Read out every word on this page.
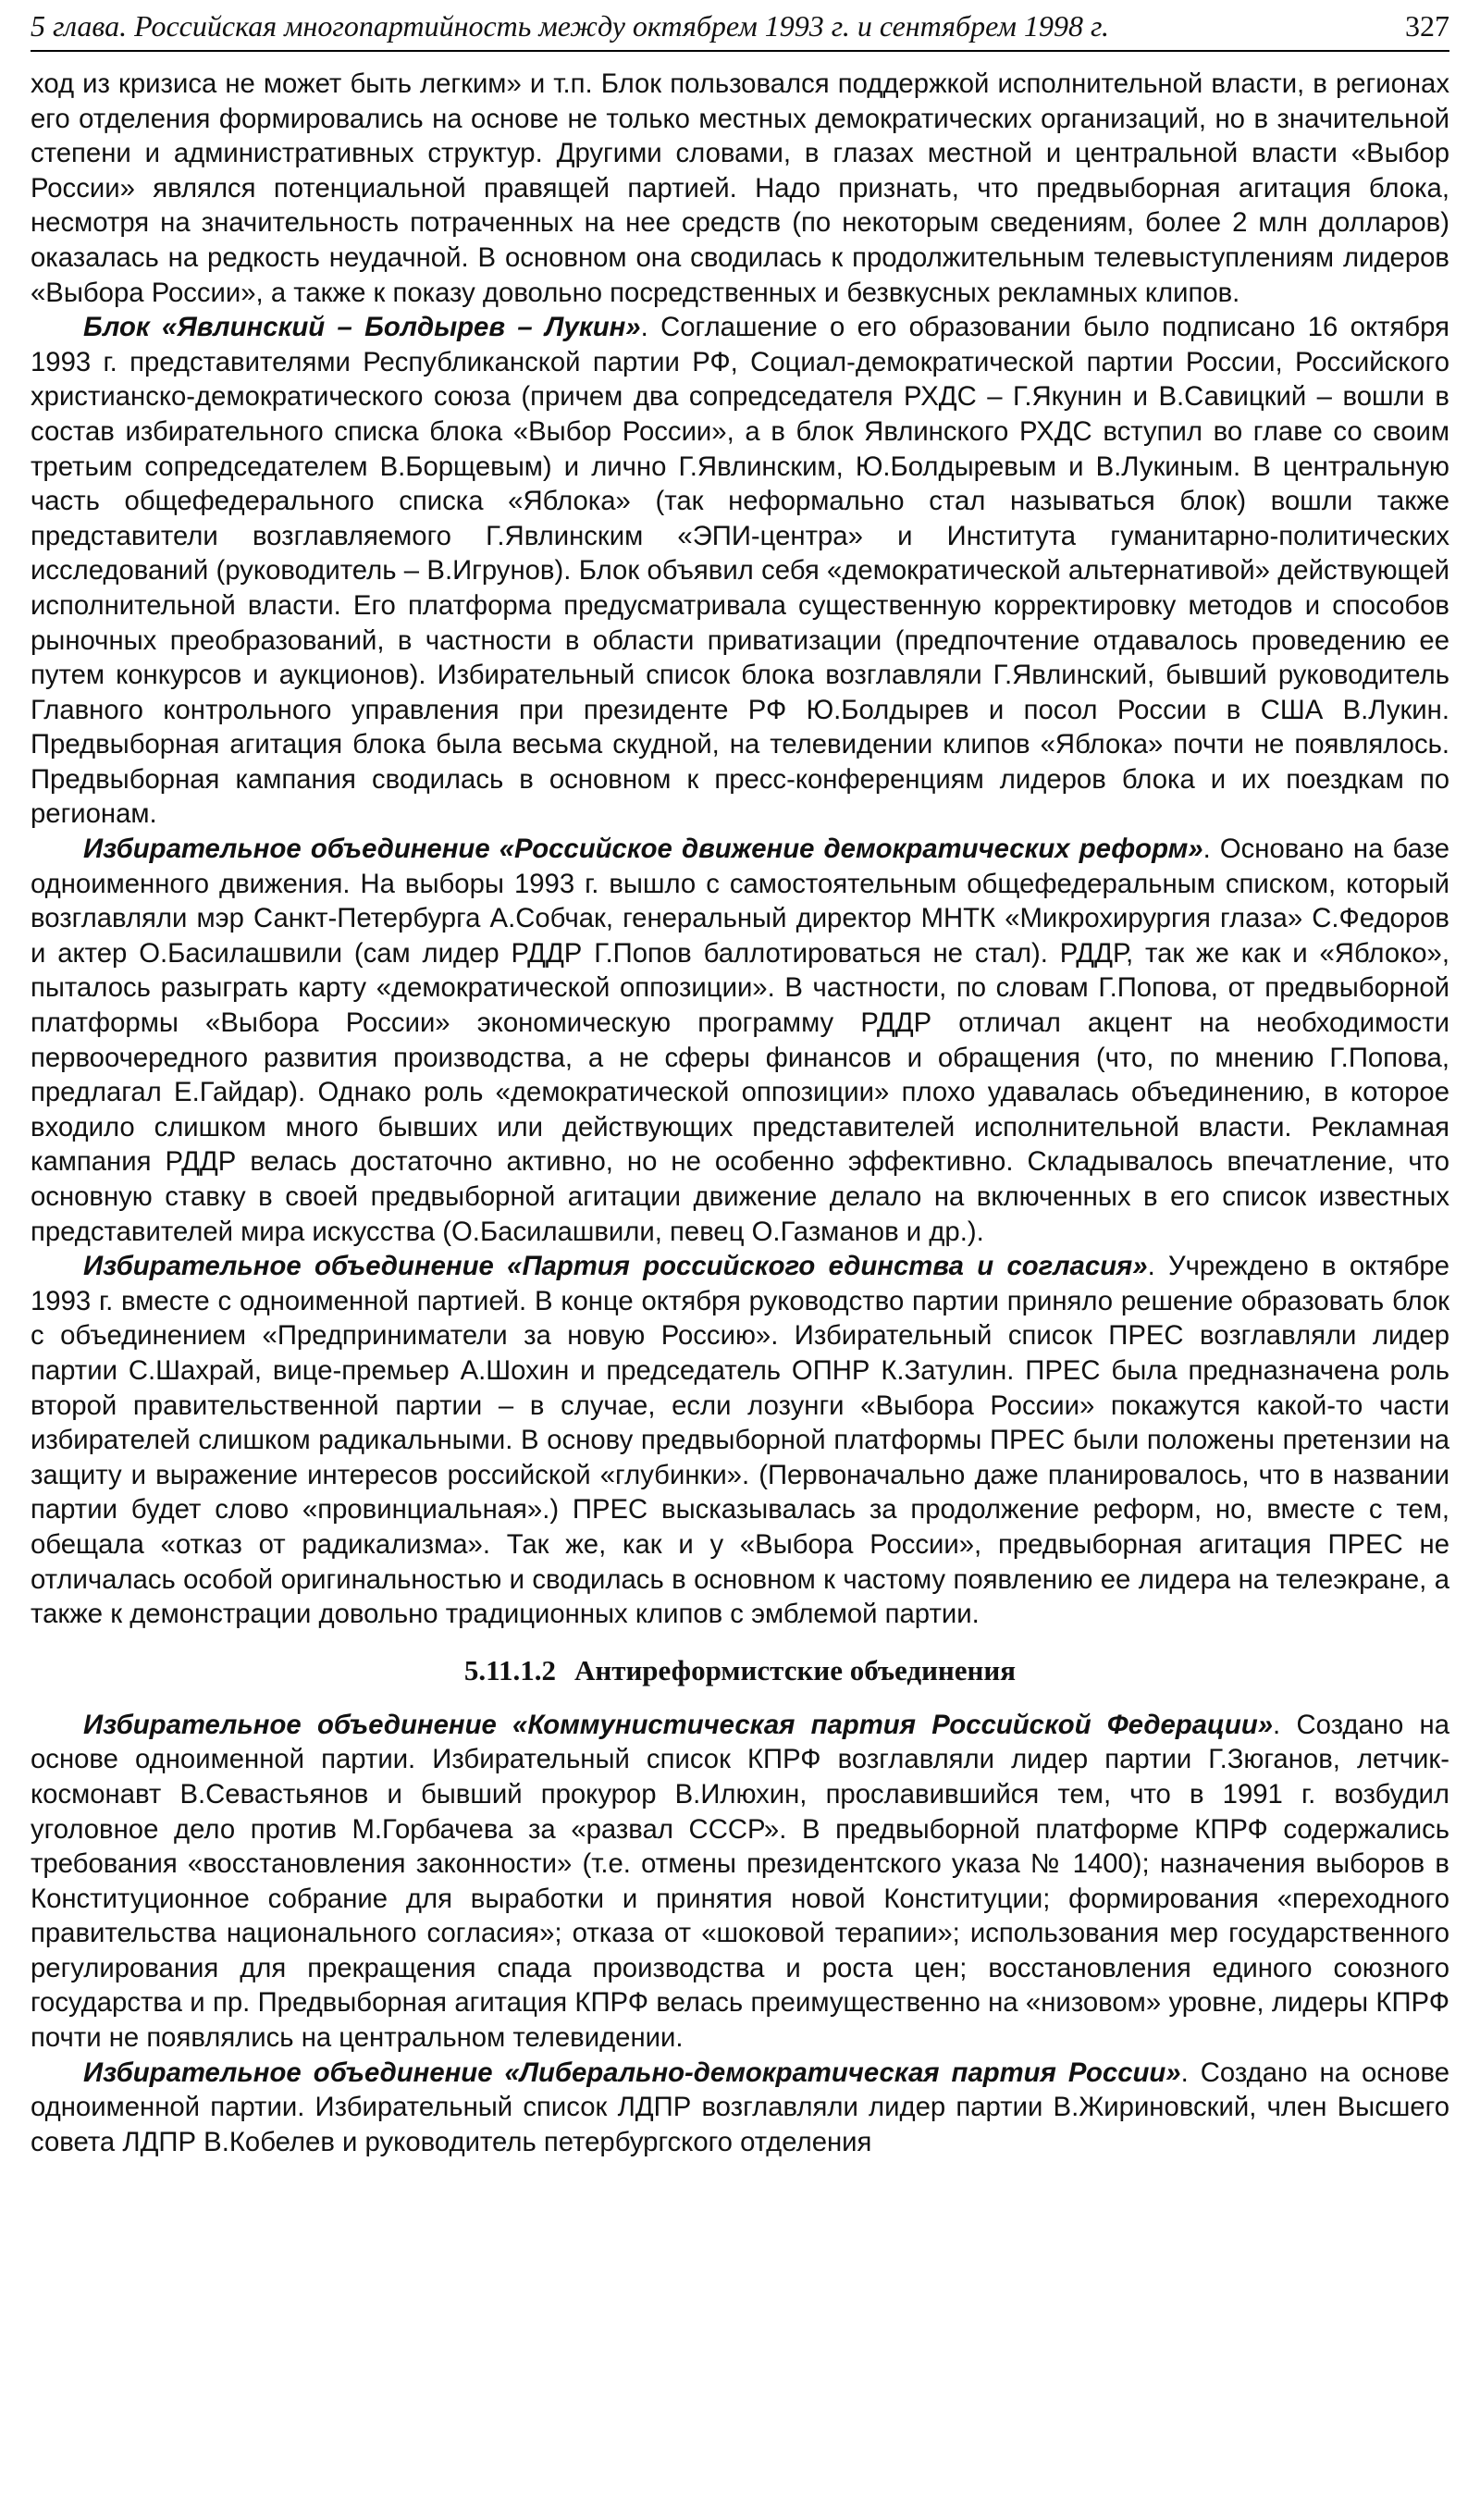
5 глава. Российская многопартийность между октябрем 1993 г. и сентябрем 1998 г.	327

ход из кризиса не может быть легким» и т.п. Блок пользовался поддержкой исполнительной власти, в регионах его отделения формировались на основе не только местных демократических организаций, но в значительной степени и административных структур. Другими словами, в глазах местной и центральной власти «Выбор России» являлся потенциальной правящей партией. Надо признать, что предвыборная агитация блока, несмотря на значительность потраченных на нее средств (по некоторым сведениям, более 2 млн долларов) оказалась на редкость неудачной. В основном она сводилась к продолжительным телевыступлениям лидеров «Выбора России», а также к показу довольно посредственных и безвкусных рекламных клипов.

Блок «Явлинский – Болдырев – Лукин». Соглашение о его образовании было подписано 16 октября 1993 г. представителями Республиканской партии РФ, Социал-демократической партии России, Российского христианско-демократического союза (причем два сопредседателя РХДС – Г.Якунин и В.Савицкий – вошли в состав избирательного списка блока «Выбор России», а в блок Явлинского РХДС вступил во главе со своим третьим сопредседателем В.Борщевым) и лично Г.Явлинским, Ю.Болдыревым и В.Лукиным. В центральную часть общефедерального списка «Яблока» (так неформально стал называться блок) вошли также представители возглавляемого Г.Явлинским «ЭПИ-центра» и Института гуманитарно-политических исследований (руководитель – В.Игрунов). Блок объявил себя «демократической альтернативой» действующей исполнительной власти. Его платформа предусматривала существенную корректировку методов и способов рыночных преобразований, в частности в области приватизации (предпочтение отдавалось проведению ее путем конкурсов и аукционов). Избирательный список блока возглавляли Г.Явлинский, бывший руководитель Главного контрольного управления при президенте РФ Ю.Болдырев и посол России в США В.Лукин. Предвыборная агитация блока была весьма скудной, на телевидении клипов «Яблока» почти не появлялось. Предвыборная кампания сводилась в основном к пресс-конференциям лидеров блока и их поездкам по регионам.

Избирательное объединение «Российское движение демократических реформ». Основано на базе одноименного движения. На выборы 1993 г. вышло с самостоятельным общефедеральным списком, который возглавляли мэр Санкт-Петербурга А.Собчак, генеральный директор МНТК «Микрохирургия глаза» С.Федоров и актер О.Басилашвили (сам лидер РДДР Г.Попов баллотироваться не стал). РДДР, так же как и «Яблоко», пыталось разыграть карту «демократической оппозиции». В частности, по словам Г.Попова, от предвыборной платформы «Выбора России» экономическую программу РДДР отличал акцент на необходимости первоочередного развития производства, а не сферы финансов и обращения (что, по мнению Г.Попова, предлагал Е.Гайдар). Однако роль «демократической оппозиции» плохо удавалась объединению, в которое входило слишком много бывших или действующих представителей исполнительной власти. Рекламная кампания РДДР велась достаточно активно, но не особенно эффективно. Складывалось впечатление, что основную ставку в своей предвыборной агитации движение делало на включенных в его список известных представителей мира искусства (О.Басилашвили, певец О.Газманов и др.).

Избирательное объединение «Партия российского единства и согласия». Учреждено в октябре 1993 г. вместе с одноименной партией. В конце октября руководство партии приняло решение образовать блок с объединением «Предприниматели за новую Россию». Избирательный список ПРЕС возглавляли лидер партии С.Шахрай, вице-премьер А.Шохин и председатель ОПНР К.Затулин. ПРЕС была предназначена роль второй правительственной партии – в случае, если лозунги «Выбора России» покажутся какой-то части избирателей слишком радикальными. В основу предвыборной платформы ПРЕС были положены претензии на защиту и выражение интересов российской «глубинки». (Первоначально даже планировалось, что в названии партии будет слово «провинциальная».) ПРЕС высказывалась за продолжение реформ, но, вместе с тем, обещала «отказ от радикализма». Так же, как и у «Выбора России», предвыборная агитация ПРЕС не отличалась особой оригинальностью и сводилась в основном к частому появлению ее лидера на телеэкране, а также к демонстрации довольно традиционных клипов с эмблемой партии.

5.11.1.2 Антиреформистские объединения

Избирательное объединение «Коммунистическая партия Российской Федерации». Создано на основе одноименной партии. Избирательный список КПРФ возглавляли лидер партии Г.Зюганов, летчик-космонавт В.Севастьянов и бывший прокурор В.Илюхин, прославившийся тем, что в 1991 г. возбудил уголовное дело против М.Горбачева за «развал СССР». В предвыборной платформе КПРФ содержались требования «восстановления законности» (т.е. отмены президентского указа № 1400); назначения выборов в Конституционное собрание для выработки и принятия новой Конституции; формирования «переходного правительства национального согласия»; отказа от «шоковой терапии»; использования мер государственного регулирования для прекращения спада производства и роста цен; восстановления единого союзного государства и пр. Предвыборная агитация КПРФ велась преимущественно на «низовом» уровне, лидеры КПРФ почти не появлялись на центральном телевидении.

Избирательное объединение «Либерально-демократическая партия России». Создано на основе одноименной партии. Избирательный список ЛДПР возглавляли лидер партии В.Жириновский, член Высшего совета ЛДПР В.Кобелев и руководитель петербургского отделения
